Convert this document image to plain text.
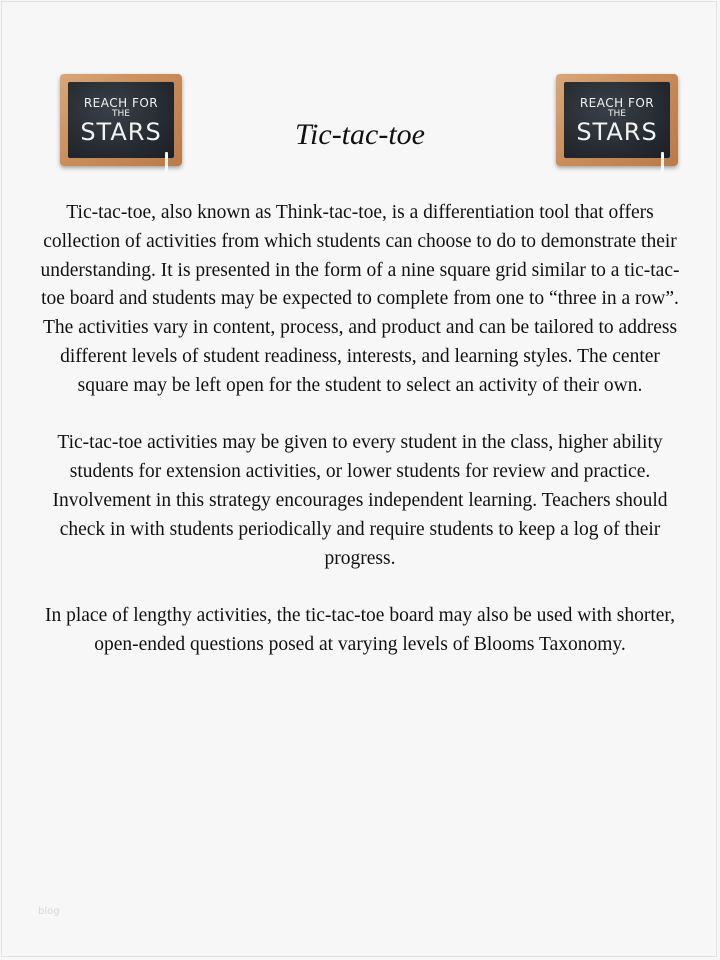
REACH FOR
THE
STARS
REACH FOR
THE
STARS
Tic-tac-toe

Tic-tac-toe, also known as Think-tac-toe, is a differentiation tool that offers collection of activities from which students can choose to do to demonstrate their understanding. It is presented in the form of a nine square grid similar to a tic-tac-toe board and students may be expected to complete from one to “three in a row”. The activities vary in content, process, and product and can be tailored to address different levels of student readiness, interests, and learning styles. The center square may be left open for the student to select an activity of their own.

Tic-tac-toe activities may be given to every student in the class, higher ability students for extension activities, or lower students for review and practice. Involvement in this strategy encourages independent learning. Teachers should check in with students periodically and require students to keep a log of their progress.

In place of lengthy activities, the tic-tac-toe board may also be used with shorter, open-ended questions posed at varying levels of Blooms Taxonomy.

blog
